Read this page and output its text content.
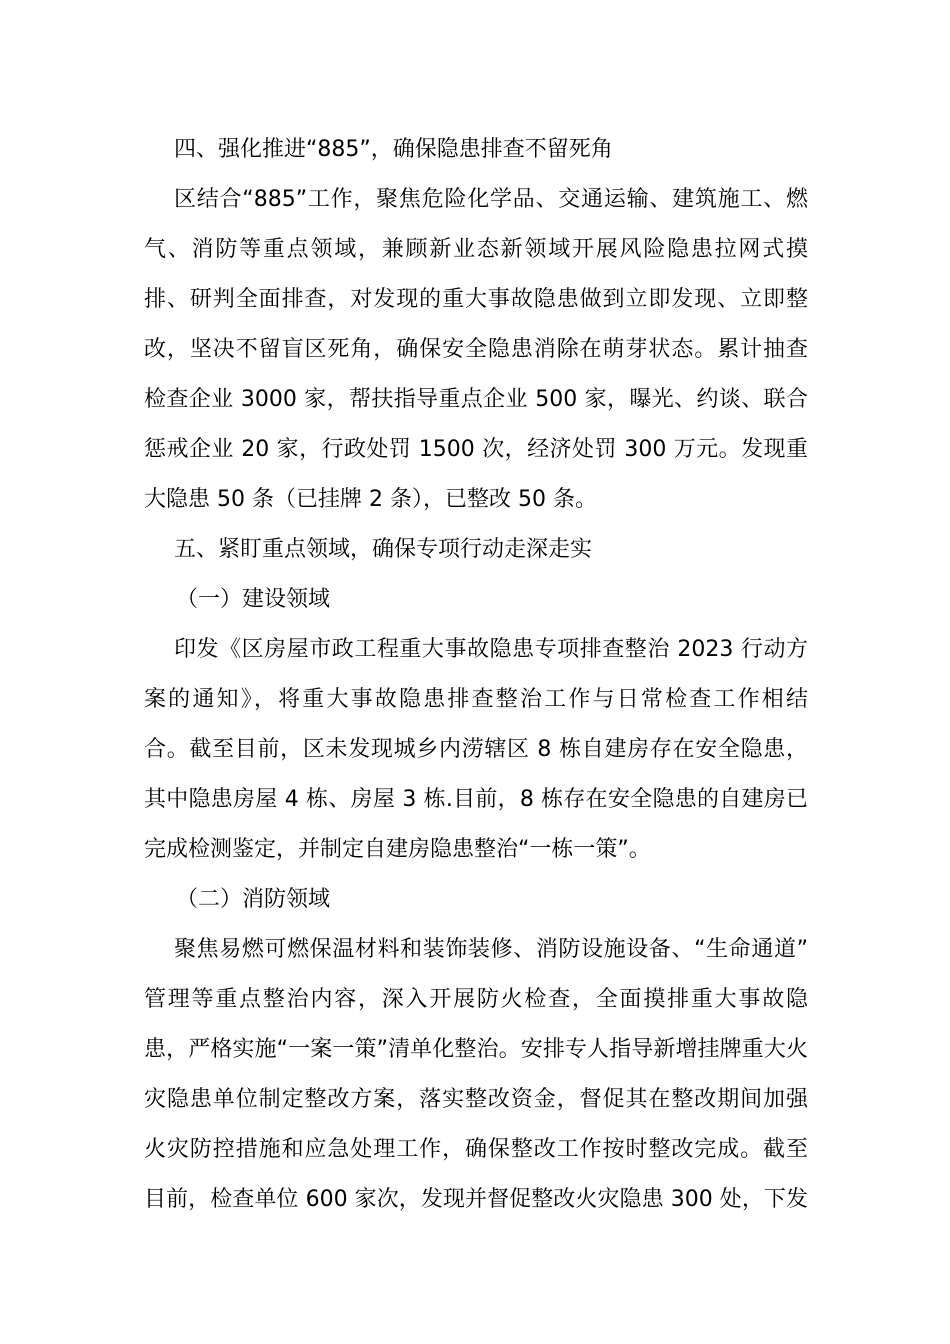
四、强化推进“885”，确保隐患排查不留死角
区结合“885”工作，聚焦危险化学品、交通运输、建筑施工、燃
气、消防等重点领域，兼顾新业态新领域开展风险隐患拉网式摸
排、研判全面排查，对发现的重大事故隐患做到立即发现、立即整
改，坚决不留盲区死角，确保安全隐患消除在萌芽状态。累计抽查
检查企业 3000 家，帮扶指导重点企业 500 家，曝光、约谈、联合
惩戒企业 20 家，行政处罚 1500 次，经济处罚 300 万元。发现重
大隐患 50 条（已挂牌 2 条），已整改 50 条。
五、紧盯重点领域，确保专项行动走深走实
（一）建设领域
印发《区房屋市政工程重大事故隐患专项排查整治 2023 行动方
案的通知》，将重大事故隐患排查整治工作与日常检查工作相结
合。截至目前，区未发现城乡内涝辖区 8 栋自建房存在安全隐患，
其中隐患房屋 4 栋、房屋 3 栋.目前，8 栋存在安全隐患的自建房已
完成检测鉴定，并制定自建房隐患整治“一栋一策”。
（二）消防领域
聚焦易燃可燃保温材料和装饰装修、消防设施设备、“生命通道”
管理等重点整治内容，深入开展防火检查，全面摸排重大事故隐
患，严格实施“一案一策”清单化整治。安排专人指导新增挂牌重大火
灾隐患单位制定整改方案，落实整改资金，督促其在整改期间加强
火灾防控措施和应急处理工作，确保整改工作按时整改完成。截至
目前，检查单位 600 家次，发现并督促整改火灾隐患 300 处，下发
